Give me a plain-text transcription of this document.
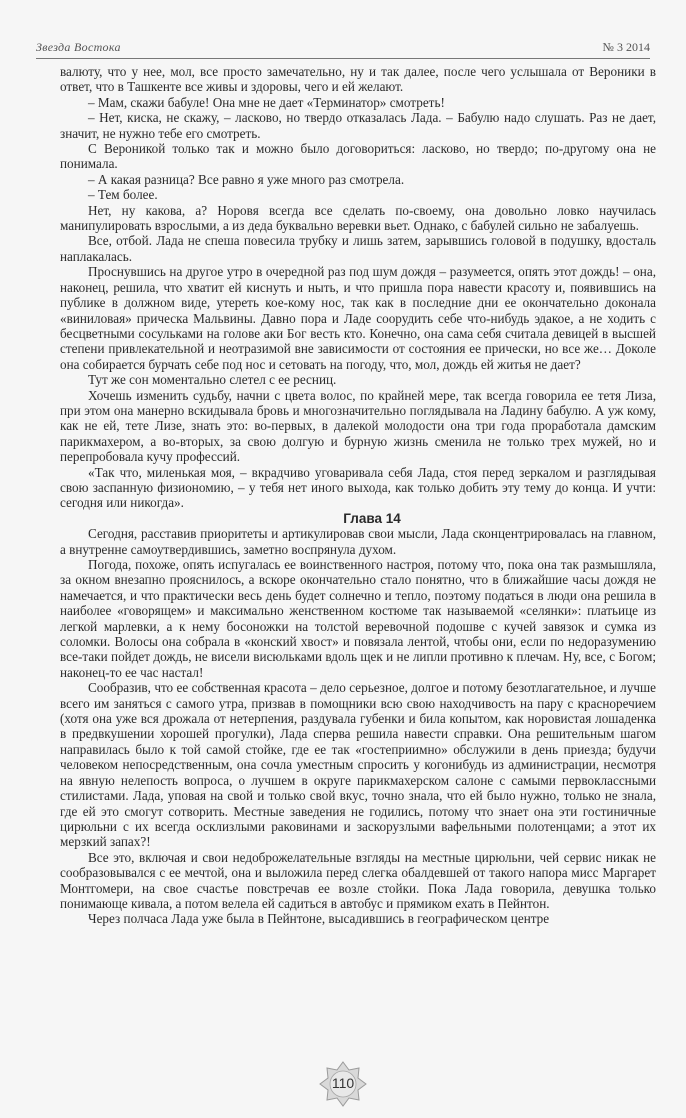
Звезда Востока	№ 3 2014

валюту, что у нее, мол, все просто замечательно, ну и так далее, после чего услышала от Вероники в ответ, что в Ташкенте все живы и здоровы, чего и ей желают.

– Мам, скажи бабуле! Она мне не дает «Терминатор» смотреть!

– Нет, киска, не скажу, – ласково, но твердо отказалась Лада. – Бабулю надо слушать. Раз не дает, значит, не нужно тебе его смотреть.

С Вероникой только так и можно было договориться: ласково, но твердо; по-другому она не понимала.

– А какая разница? Все равно я уже много раз смотрела.

– Тем более.

Нет, ну какова, а? Норовя всегда все сделать по-своему, она довольно ловко научилась манипулировать взрослыми, а из деда буквально веревки вьет. Однако, с бабулей сильно не забалуешь.

Все, отбой. Лада не спеша повесила трубку и лишь затем, зарывшись головой в подушку, вдосталь наплакалась.

Проснувшись на другое утро в очередной раз под шум дождя – разумеется, опять этот дождь! – она, наконец, решила, что хватит ей киснуть и ныть, и что пришла пора навести красоту и, появившись на публике в должном виде, утереть кое-кому нос, так как в последние дни ее окончательно доконала «виниловая» прическа Мальвины. Давно пора и Ладе соорудить себе что-нибудь эдакое, а не ходить с бесцветными сосульками на голове аки Бог весть кто. Конечно, она сама себя считала девицей в высшей степени привлекательной и неотразимой вне зависимости от состояния ее прически, но все же… Доколе она собирается бурчать себе под нос и сетовать на погоду, что, мол, дождь ей житья не дает?

Тут же сон моментально слетел с ее ресниц.

Хочешь изменить судьбу, начни с цвета волос, по крайней мере, так всегда говорила ее тетя Лиза, при этом она манерно вскидывала бровь и многозначительно поглядывала на Ладину бабулю. А уж кому, как не ей, тете Лизе, знать это: во-первых, в далекой молодости она три года проработала дамским парикмахером, а во-вторых, за свою долгую и бурную жизнь сменила не только трех мужей, но и перепробовала кучу профессий.

«Так что, миленькая моя, – вкрадчиво уговаривала себя Лада, стоя перед зеркалом и разглядывая свою заспанную физиономию, – у тебя нет иного выхода, как только добить эту тему до конца. И учти: сегодня или никогда».

Глава 14

Сегодня, расставив приоритеты и артикулировав свои мысли, Лада сконцентрировалась на главном, а внутренне самоутвердившись, заметно воспрянула духом.

Погода, похоже, опять испугалась ее воинственного настроя, потому что, пока она так размышляла, за окном внезапно прояснилось, а вскоре окончательно стало понятно, что в ближайшие часы дождя не намечается, и что практически весь день будет солнечно и тепло, поэтому податься в люди она решила в наиболее «говорящем» и максимально женственном костюме так называемой «селянки»: платьице из легкой марлевки, а к нему босоножки на толстой веревочной подошве с кучей завязок и сумка из соломки. Волосы она собрала в «конский хвост» и повязала лентой, чтобы они, если по недоразумению все-таки пойдет дождь, не висели висюльками вдоль щек и не липли противно к плечам. Ну, все, с Богом; наконец-то ее час настал!

Сообразив, что ее собственная красота – дело серьезное, долгое и потому безотлагательное, и лучше всего им заняться с самого утра, призвав в помощники всю свою находчивость на пару с красноречием (хотя она уже вся дрожала от нетерпения, раздувала губенки и била копытом, как норовистая лошаденка в предвкушении хорошей прогулки), Лада сперва решила навести справки. Она решительным шагом направилась было к той самой стойке, где ее так «гостеприимно» обслужили в день приезда; будучи человеком непосредственным, она сочла уместным спросить у когонибудь из администрации, несмотря на явную нелепость вопроса, о лучшем в округе парикмахерском салоне с самыми первоклассными стилистами. Лада, уповая на свой и только свой вкус, точно знала, что ей было нужно, только не знала, где ей это смогут сотворить. Местные заведения не годились, потому что знает она эти гостиничные цирюльни с их всегда осклизлыми раковинами и заскорузлыми вафельными полотенцами; а этот их мерзкий запах?!

Все это, включая и свои недоброжелательные взгляды на местные цирюльни, чей сервис никак не сообразовывался с ее мечтой, она и выложила перед слегка обалдевшей от такого напора мисс Маргарет Монтгомери, на свое счастье повстречав ее возле стойки. Пока Лада говорила, девушка только понимающе кивала, а потом велела ей садиться в автобус и прямиком ехать в Пейнтон.

Через полчаса Лада уже была в Пейнтоне, высадившись в географическом центре

110
